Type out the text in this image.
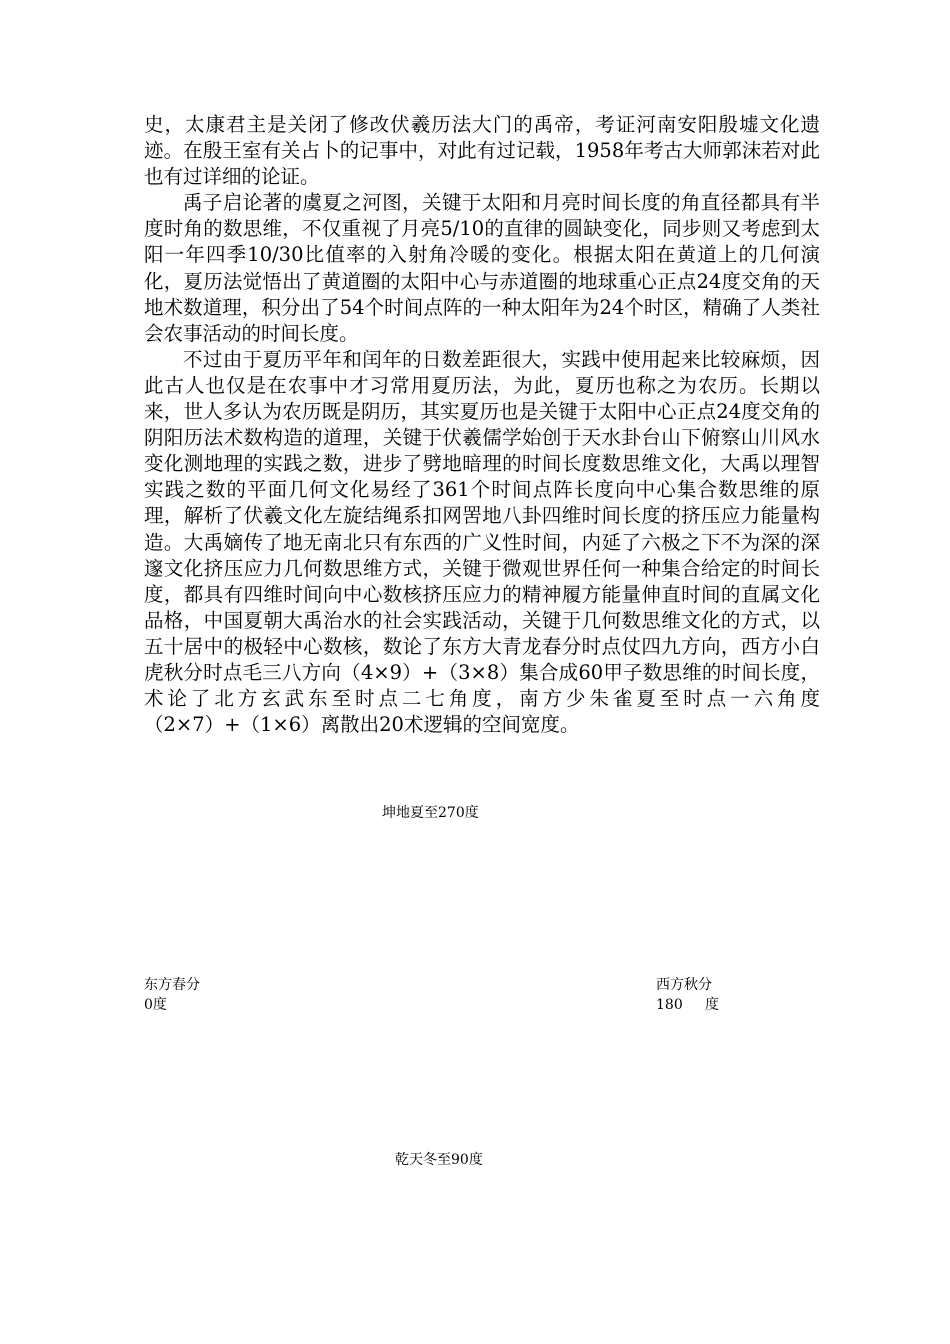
史，太康君主是关闭了修改伏羲历法大门的禹帝，考证河南安阳殷墟文化遗迹。在殷王室有关占卜的记事中，对此有过记载，1958年考古大师郭沫若对此也有过详细的论证。

禹子启论著的虞夏之河图，关键于太阳和月亮时间长度的角直径都具有半度时角的数思维，不仅重视了月亮5/10的直律的圆缺变化，同步则又考虑到太阳一年四季10/30比值率的入射角冷暖的变化。根据太阳在黄道上的几何演化，夏历法觉悟出了黄道圈的太阳中心与赤道圈的地球重心正点24度交角的天地术数道理，积分出了54个时间点阵的一种太阳年为24个时区，精确了人类社会农事活动的时间长度。

不过由于夏历平年和闰年的日数差距很大，实践中使用起来比较麻烦，因此古人也仅是在农事中才习常用夏历法，为此，夏历也称之为农历。长期以来，世人多认为农历既是阴历，其实夏历也是关键于太阳中心正点24度交角的阴阳历法术数构造的道理，关键于伏羲儒学始创于天水卦台山下俯察山川风水变化测地理的实践之数，进步了劈地暗理的时间长度数思维文化，大禹以理智实践之数的平面几何文化易经了361个时间点阵长度向中心集合数思维的原理，解析了伏羲文化左旋结绳系扣网罟地八卦四维时间长度的挤压应力能量构造。大禹嫡传了地无南北只有东西的广义性时间，内延了六极之下不为深的深邃文化挤压应力几何数思维方式，关键于微观世界任何一种集合给定的时间长度，都具有四维时间向中心数核挤压应力的精神履方能量伸直时间的直属文化品格，中国夏朝大禹治水的社会实践活动，关键于几何数思维文化的方式，以五十居中的极轻中心数核，数论了东方大青龙春分时点仗四九方向，西方小白虎秋分时点毛三八方向（4×9）+（3×8）集合成60甲子数思维的时间长度，术论了北方玄武东至时点二七角度，南方少朱雀夏至时点一六角度（2×7）+（1×6）离散出20术逻辑的空间宽度。

坤地夏至270度
东方春分
0度
西方秋分
180     度
乾天冬至90度
